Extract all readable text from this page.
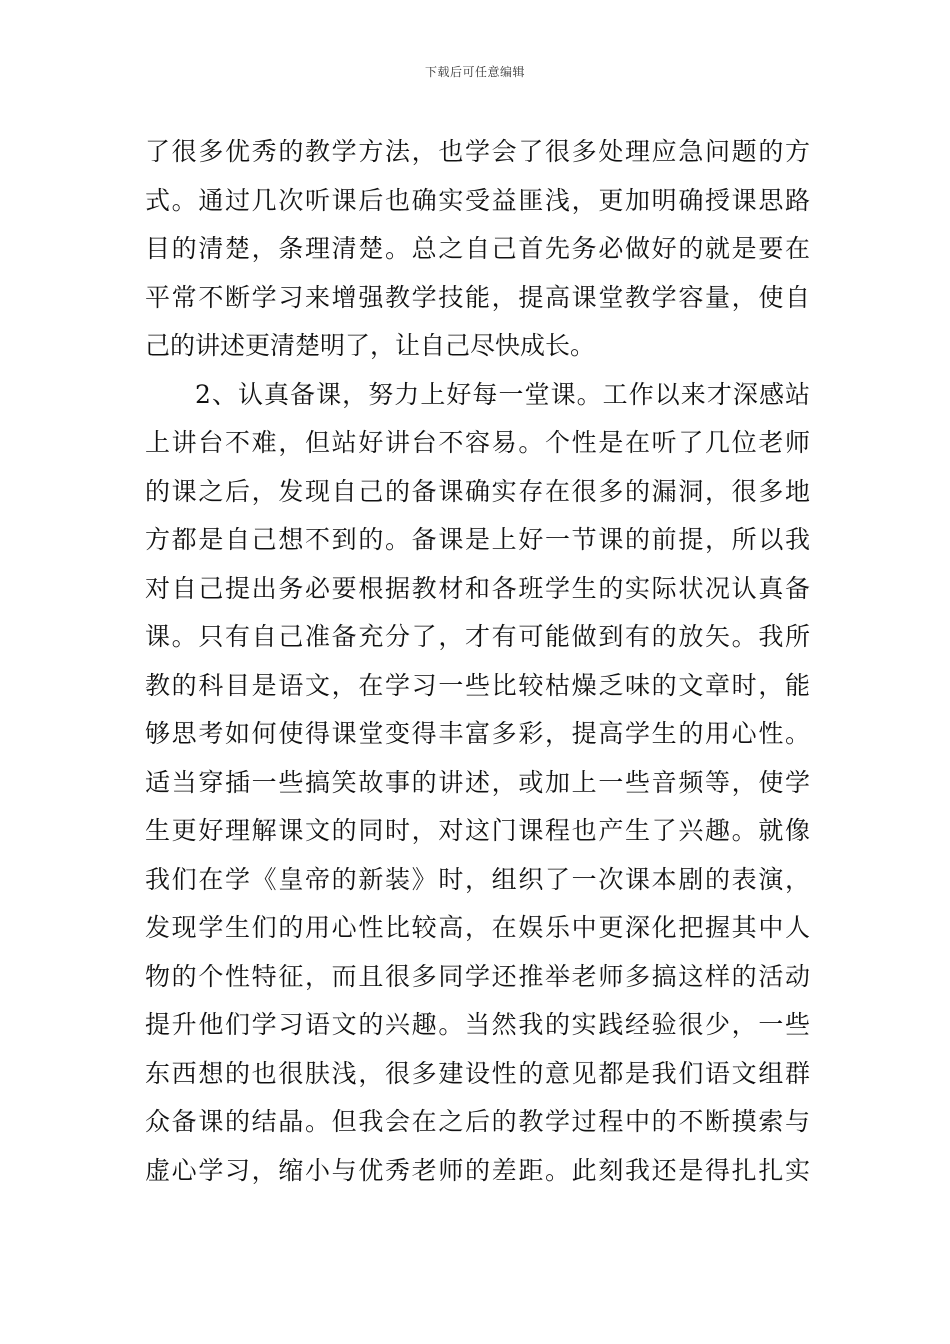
下载后可任意编辑
了很多优秀的教学方法，也学会了很多处理应急问题的方
式。通过几次听课后也确实受益匪浅，更加明确授课思路
目的清楚，条理清楚。总之自己首先务必做好的就是要在
平常不断学习来增强教学技能，提高课堂教学容量，使自
己的讲述更清楚明了，让自己尽快成长。
2、认真备课，努力上好每一堂课。工作以来才深感站
上讲台不难，但站好讲台不容易。个性是在听了几位老师
的课之后，发现自己的备课确实存在很多的漏洞，很多地
方都是自己想不到的。备课是上好一节课的前提，所以我
对自己提出务必要根据教材和各班学生的实际状况认真备
课。只有自己准备充分了，才有可能做到有的放矢。我所
教的科目是语文，在学习一些比较枯燥乏味的文章时，能
够思考如何使得课堂变得丰富多彩，提高学生的用心性。
适当穿插一些搞笑故事的讲述，或加上一些音频等，使学
生更好理解课文的同时，对这门课程也产生了兴趣。就像
我们在学《皇帝的新装》时，组织了一次课本剧的表演，
发现学生们的用心性比较高，在娱乐中更深化把握其中人
物的个性特征，而且很多同学还推举老师多搞这样的活动
提升他们学习语文的兴趣。当然我的实践经验很少，一些
东西想的也很肤浅，很多建设性的意见都是我们语文组群
众备课的结晶。但我会在之后的教学过程中的不断摸索与
虚心学习，缩小与优秀老师的差距。此刻我还是得扎扎实
